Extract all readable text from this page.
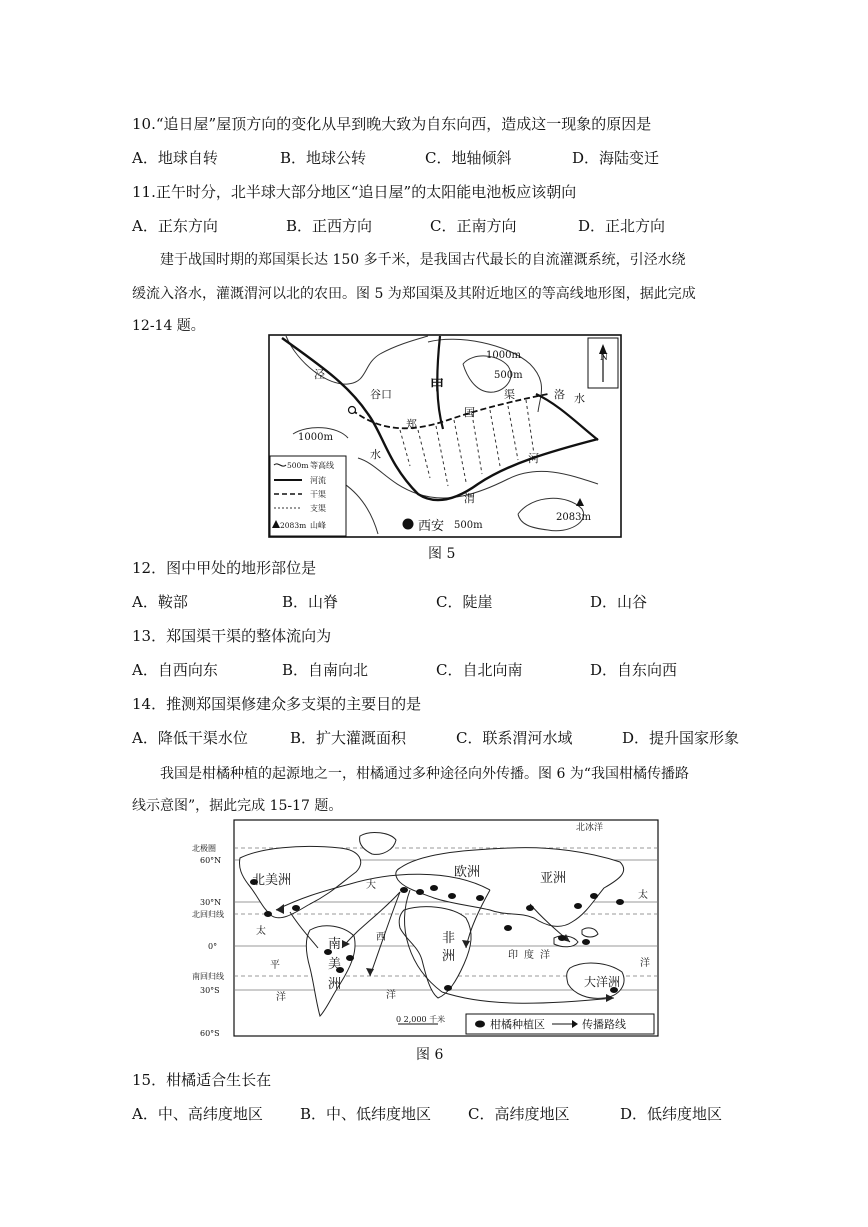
10.“追日屋”屋顶方向的变化从早到晚大致为自东向西，造成这一现象的原因是
A．地球自转	B．地球公转	C．地轴倾斜	D．海陆变迁
11.正午时分，北半球大部分地区“追日屋”的太阳能电池板应该朝向
A．正东方向	B．正西方向	C．正南方向	D．正北方向
建于战国时期的郑国渠长达 150 多千米，是我国古代最长的自流灌溉系统，引泾水绕
缓流入洛水，灌溉渭河以北的农田。图 5 为郑国渠及其附近地区的等高线地形图，据此完成
12-14 题。
甲
泾
谷口
郑
国
渠	洛 水
水	河
渭
1000m
500m
1000m
500m
西安
2083m
N
500m 等高线
河流
干渠
支渠
2083m 山峰
图 5
12．图中甲处的地形部位是
A．鞍部	B．山脊	C．陡崖	D．山谷
13．郑国渠干渠的整体流向为
A．自西向东	B．自南向北	C．自北向南	D．自东向西
14．推测郑国渠修建众多支渠的主要目的是
A．降低干渠水位	B．扩大灌溉面积	C．联系渭河水域	D．提升国家形象
我国是柑橘种植的起源地之一，柑橘通过多种途径向外传播。图 6 为“我国柑橘传播路
线示意图”，据此完成 15-17 题。
北极圈
60°N
30°N
北回归线
0°
南回归线
30°S
60°S
北冰洋
北美洲
欧洲	亚洲
非
洲
南
美
洲	大洋洲
太
平
洋
大
西
洋
印 度 洋
太
洋
0 2,000 千米	柑橘种植区	传播路线
图 6
15．柑橘适合生长在
A．中、高纬度地区 B．中、低纬度地区 C．高纬度地区	D．低纬度地区
